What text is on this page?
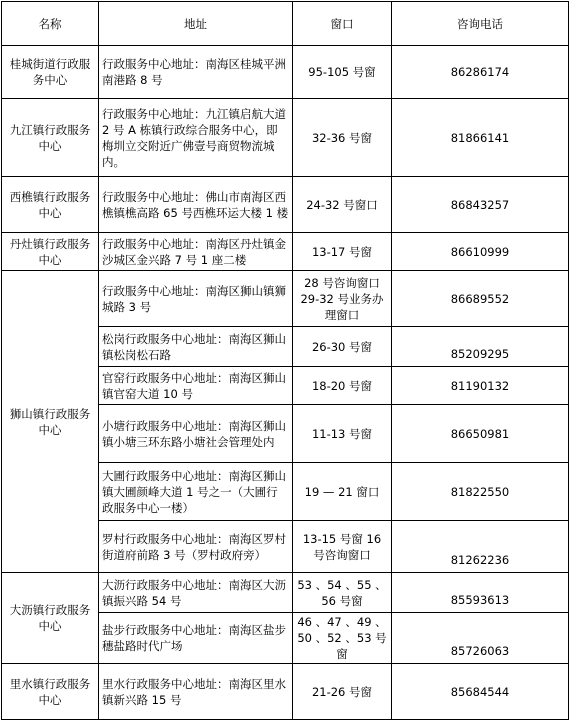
名称	地址	窗口	咨询电话
桂城街道行政服务中心	行政服务中心地址：南海区桂城平洲南港路 8 号	95-105 号窗	86286174
九江镇行政服务中心	行政服务中心地址：九江镇启航大道 2 号 A 栋镇行政综合服务中心，即梅圳立交附近广佛壹号商贸物流城内。	32-36 号窗	81866141
西樵镇行政服务中心	行政服务中心地址：佛山市南海区西樵镇樵高路 65 号西樵环运大楼 1 楼	24-32 号窗口	86843257
丹灶镇行政服务中心	行政服务中心地址：南海区丹灶镇金沙城区金兴路 7 号 1 座二楼	13-17 号窗	86610999
狮山镇行政服务中心	行政服务中心地址：南海区狮山镇狮城路 3 号	28 号咨询窗口 29-32 号业务办理窗口	86689552
	松岗行政服务中心地址：南海区狮山镇松岗松石路	26-30 号窗	85209295
	官窑行政服务中心地址：南海区狮山镇官窑大道 10 号	18-20 号窗	81190132
	小塘行政服务中心地址：南海区狮山镇小塘三环东路小塘社会管理处内	11-13 号窗	86650981
	大圃行政服务中心地址：南海区狮山镇大圃颜峰大道 1 号之一（大圃行政服务中心一楼）	19 — 21 窗口	81822550
	罗村行政服务中心地址：南海区罗村街道府前路 3 号（罗村政府旁）	13-15 号窗 16 号咨询窗口	81262236
大沥镇行政服务中心	大沥行政服务中心地址：南海区大沥镇振兴路 54 号	53 、54 、55 、56 号窗	85593613
	盐步行政服务中心地址：南海区盐步穗盐路时代广场	46 、47 、49 、50 、52 、53 号窗	85726063
里水镇行政服务中心	里水行政服务中心地址：南海区里水镇新兴路 15 号	21-26 号窗	85684544
